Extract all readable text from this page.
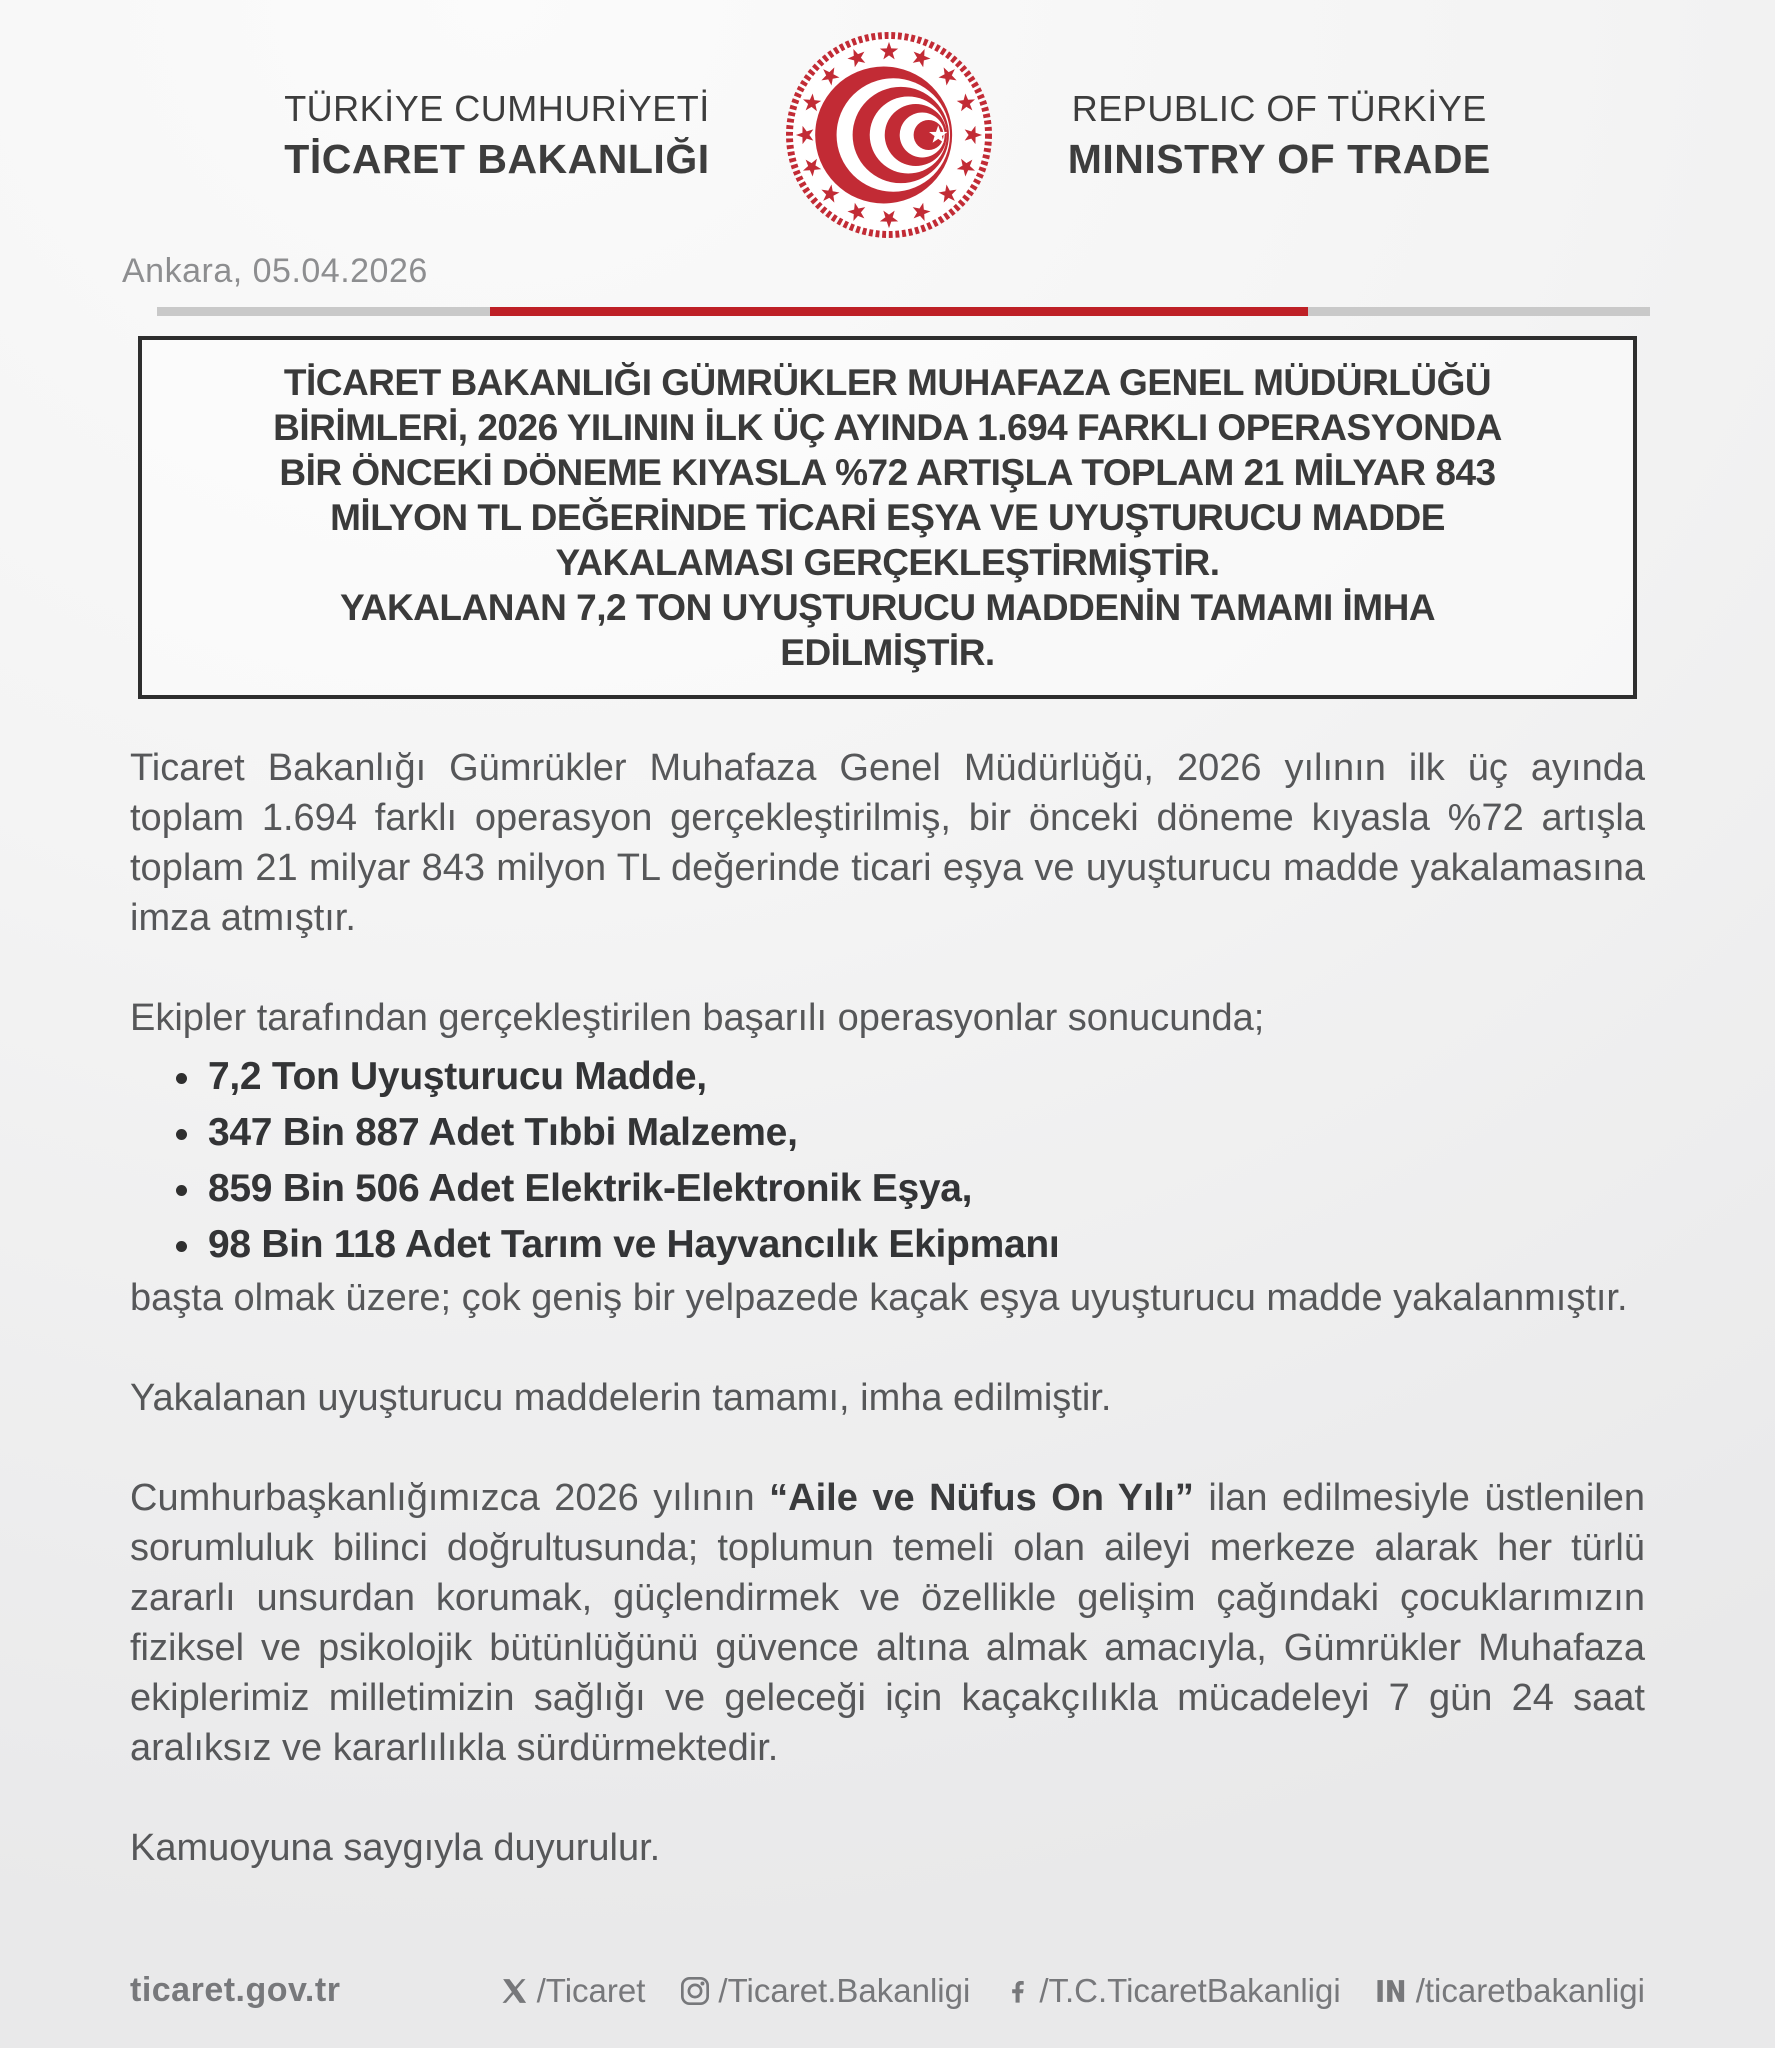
TÜRKİYE CUMHURİYETİ
TİCARET BAKANLIĞI
REPUBLIC OF TÜRKİYE
MINISTRY OF TRADE
Ankara, 05.04.2026
TİCARET BAKANLIĞI GÜMRÜKLER MUHAFAZA GENEL MÜDÜRLÜĞÜ
BİRİMLERİ, 2026 YILININ İLK ÜÇ AYINDA 1.694 FARKLI OPERASYONDA
BİR ÖNCEKİ DÖNEME KIYASLA %72 ARTIŞLA TOPLAM 21 MİLYAR 843
MİLYON TL DEĞERİNDE TİCARİ EŞYA VE UYUŞTURUCU MADDE
YAKALAMASI GERÇEKLEŞTİRMİŞTİR.
YAKALANAN 7,2 TON UYUŞTURUCU MADDENİN TAMAMI İMHA
EDİLMİŞTİR.

Ticaret Bakanlığı Gümrükler Muhafaza Genel Müdürlüğü, 2026 yılının ilk üç ayında toplam 1.694 farklı operasyon gerçekleştirilmiş, bir önceki döneme kıyasla %72 artışla toplam 21 milyar 843 milyon TL değerinde ticari eşya ve uyuşturucu madde yakalamasına imza atmıştır.

Ekipler tarafından gerçekleştirilen başarılı operasyonlar sonucunda;

7,2 Ton Uyuşturucu Madde,
347 Bin 887 Adet Tıbbi Malzeme,
859 Bin 506 Adet Elektrik-Elektronik Eşya,
98 Bin 118 Adet Tarım ve Hayvancılık Ekipmanı

başta olmak üzere; çok geniş bir yelpazede kaçak eşya uyuşturucu madde yakalanmıştır.

Yakalanan uyuşturucu maddelerin tamamı, imha edilmiştir.

Cumhurbaşkanlığımızca 2026 yılının “Aile ve Nüfus On Yılı” ilan edilmesiyle üstlenilen sorumluluk bilinci doğrultusunda; toplumun temeli olan aileyi merkeze alarak her türlü zararlı unsurdan korumak, güçlendirmek ve özellikle gelişim çağındaki çocuklarımızın fiziksel ve psikolojik bütünlüğünü güvence altına almak amacıyla, Gümrükler Muhafaza ekiplerimiz milletimizin sağlığı ve geleceği için kaçakçılıkla mücadeleyi 7 gün 24 saat aralıksız ve kararlılıkla sürdürmektedir.

Kamuoyuna saygıyla duyurulur.

ticaret.gov.tr	/Ticaret /Ticaret.Bakanligi /T.C.TicaretBakanligi /ticaretbakanligi
